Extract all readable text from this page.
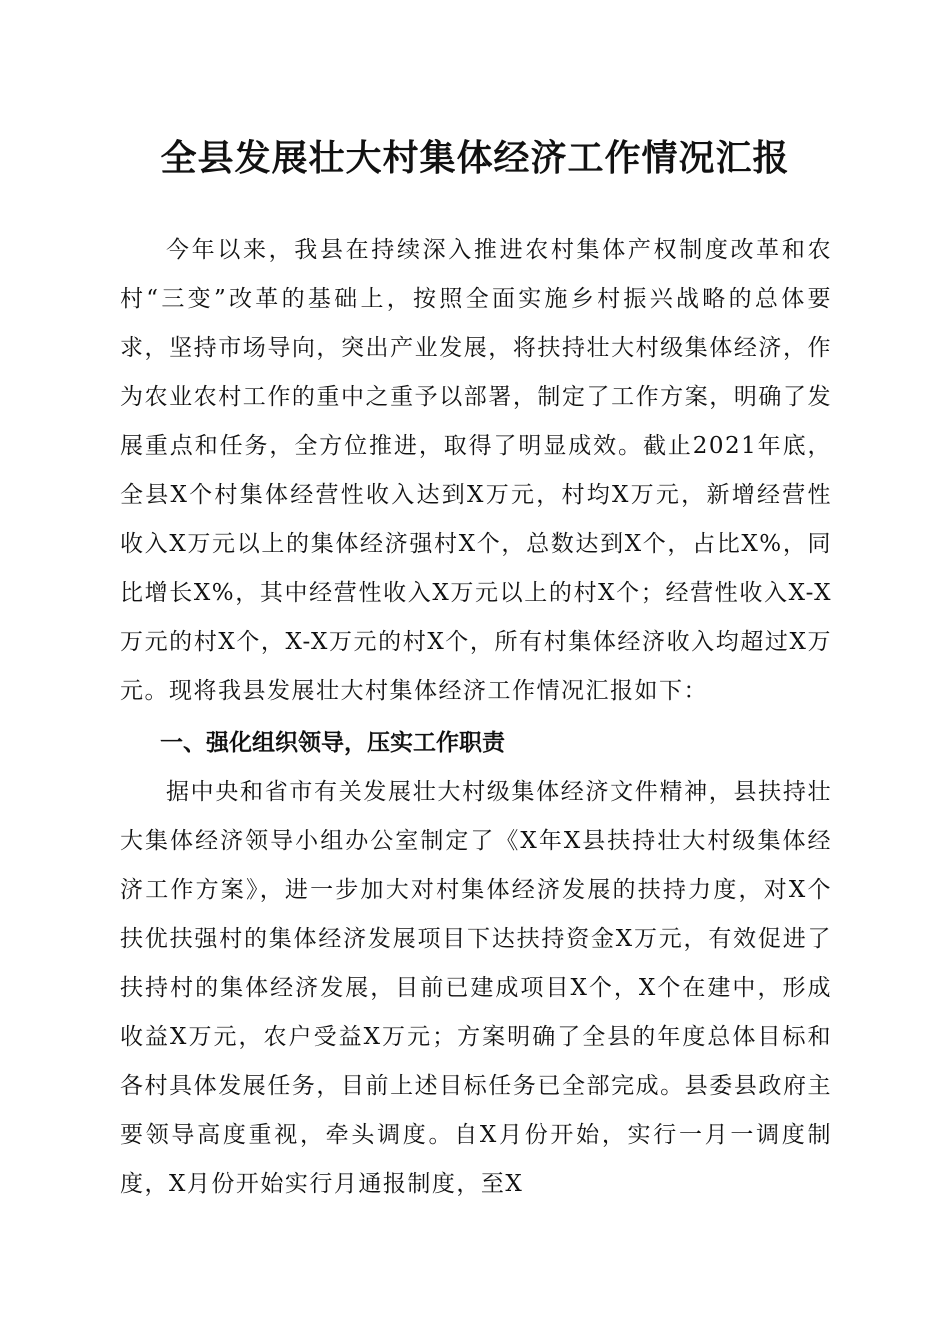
全县发展壮大村集体经济工作情况汇报

今年以来，我县在持续深入推进农村集体产权制度改革和农村“三变”改革的基础上，按照全面实施乡村振兴战略的总体要求，坚持市场导向，突出产业发展，将扶持壮大村级集体经济，作为农业农村工作的重中之重予以部署，制定了工作方案，明确了发展重点和任务，全方位推进，取得了明显成效。截止2021年底，全县X个村集体经营性收入达到X万元，村均X万元，新增经营性收入X万元以上的集体经济强村X个，总数达到X个，占比X%，同比增长X%，其中经营性收入X万元以上的村X个；经营性收入X-X万元的村X个，X-X万元的村X个，所有村集体经济收入均超过X万元。现将我县发展壮大村集体经济工作情况汇报如下：

一、强化组织领导，压实工作职责

据中央和省市有关发展壮大村级集体经济文件精神，县扶持壮大集体经济领导小组办公室制定了《X年X县扶持壮大村级集体经济工作方案》，进一步加大对村集体经济发展的扶持力度，对X个扶优扶强村的集体经济发展项目下达扶持资金X万元，有效促进了扶持村的集体经济发展，目前已建成项目X个，X个在建中，形成收益X万元，农户受益X万元；方案明确了全县的年度总体目标和各村具体发展任务，目前上述目标任务已全部完成。县委县政府主要领导高度重视，牵头调度。自X月份开始，实行一月一调度制度，X月份开始实行月通报制度，至X
